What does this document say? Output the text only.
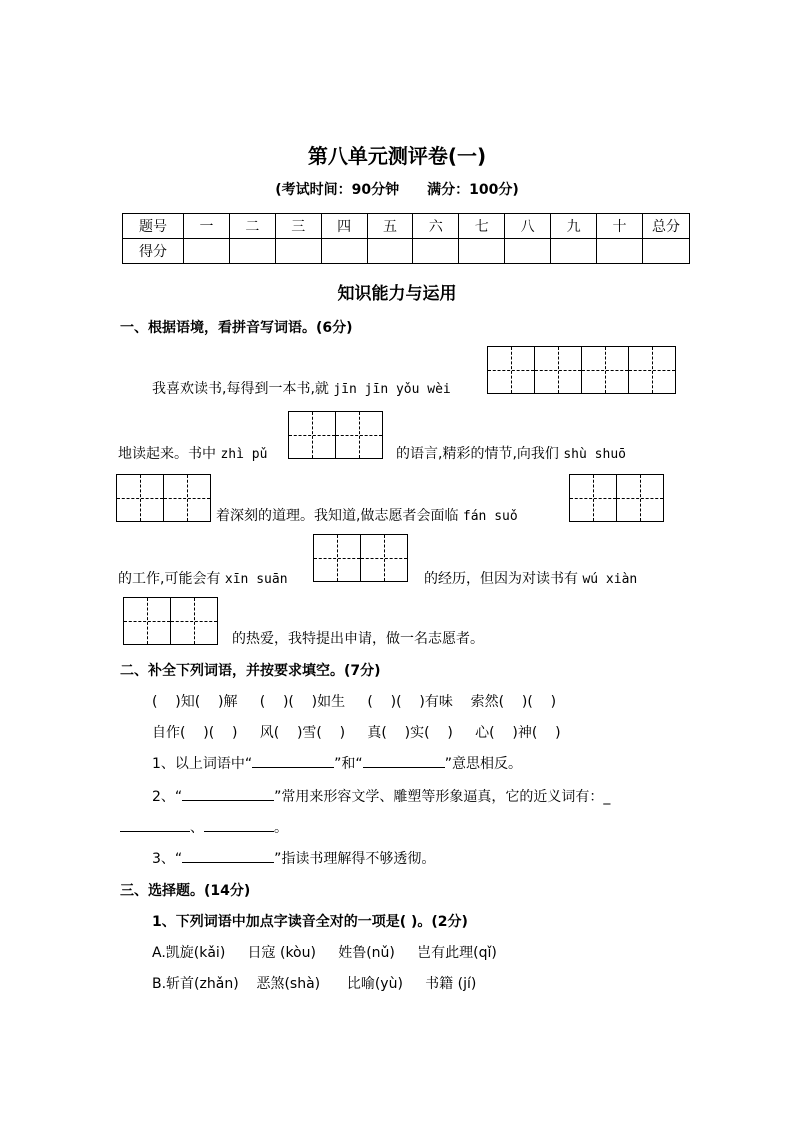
第八单元测评卷(一)
(考试时间：90分钟 满分：100分)
题号	一	二	三	四	五	六	七	八	九	十	总分
得分											
知识能力与运用
一、根据语境，看拼音写词语。(6分)
我喜欢读书,每得到一本书,就 jīn jīn yǒu wèi
地读起来。书中 zhì pǔ	的语言,精彩的情节,向我们 shù shuō
着深刻的道理。我知道,做志愿者会面临 fán suǒ
的工作,可能会有 xīn suān	的经历，但因为对读书有 wú xiàn
的热爱，我特提出申请，做一名志愿者。
二、补全下列词语，并按要求填空。(7分)
(    )知(    )解     (    )(    )如生     (    )(    )有味    索然(    )(    )
自作(    )(    )     风(    )雪(    )     真(    )实(    )     心(    )神(    )
1、以上词语中“	”和“	”意思相反。
2、“	”常用来形容文学、雕塑等形象逼真，它的近义词有：_
、	。
3、“	”指读书理解得不够透彻。
三、选择题。(14分)
1、下列词语中加点字读音全对的一项是( )。(2分)
A.凯旋(kǎi)     日寇 (kòu)     姓鲁(nǔ)     岂有此理(qǐ)
B.斩首(zhǎn)    恶煞(shà)      比喻(yù)     书籍 (jí)
